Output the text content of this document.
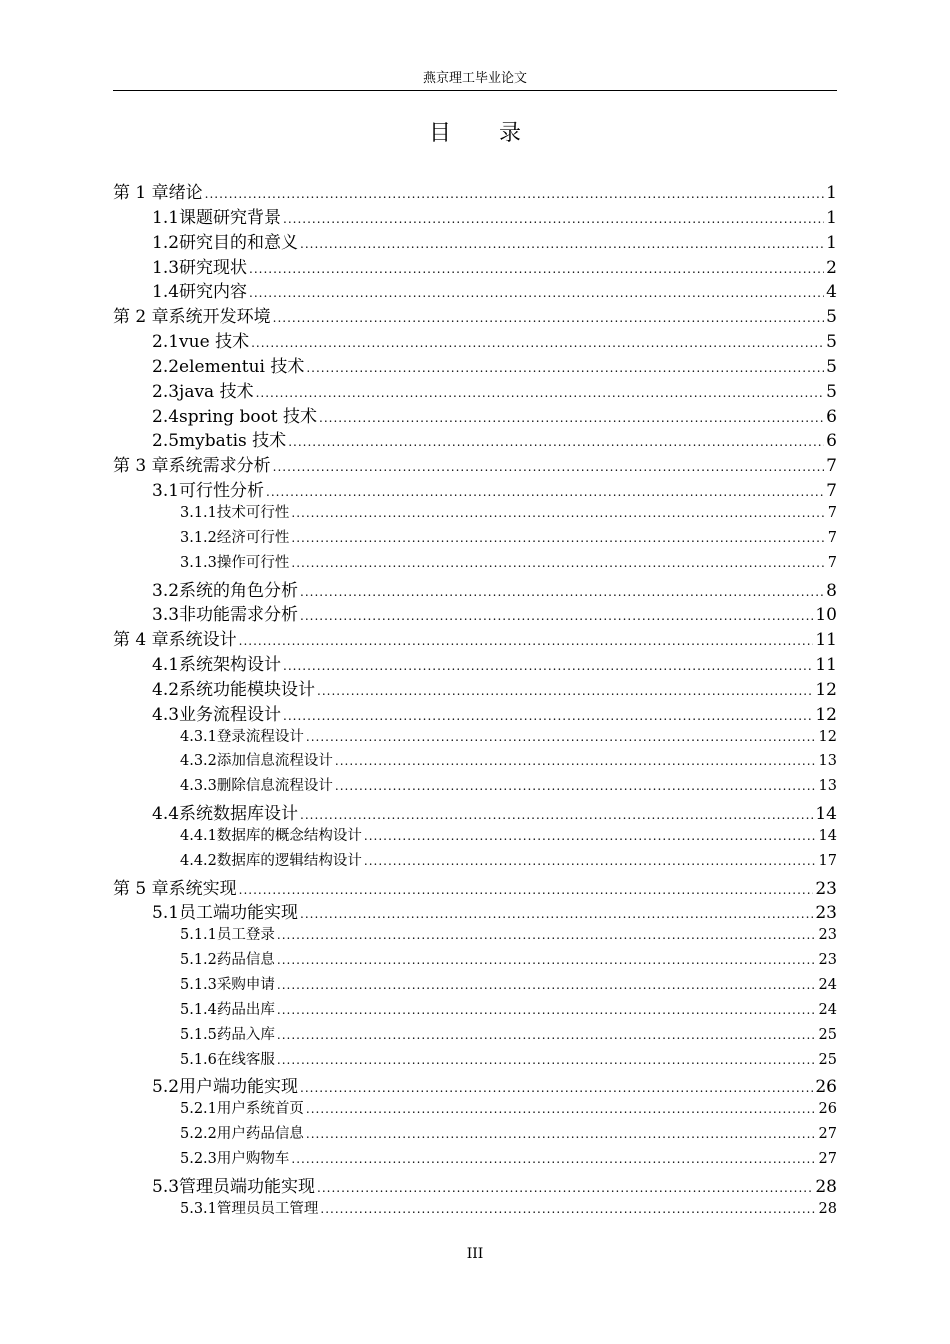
燕京理工毕业论文
目录
第 1 章 绪论 .....	1
1.1 课题研究背景 .....	1
1.2 研究目的和意义 .....	1
1.3 研究现状 .....	2
1.4 研究内容 .....	4
第 2 章 系统开发环境 .....	5
2.1 vue 技术 .....	5
2.2 elementui 技术 .....	5
2.3 java 技术 .....	5
2.4 spring boot 技术 .....	6
2.5 mybatis 技术 .....	6
第 3 章 系统需求分析 .....	7
3.1 可行性分析 .....	7
3.1.1 技术可行性 .....	7
3.1.2 经济可行性 .....	7
3.1.3 操作可行性 .....	7
3.2 系统的角色分析 .....	8
3.3 非功能需求分析 .....	10
第 4 章 系统设计 .....	11
4.1 系统架构设计 .....	11
4.2 系统功能模块设计 .....	12
4.3 业务流程设计 .....	12
4.3.1 登录流程设计 .....	12
4.3.2 添加信息流程设计 .....	13
4.3.3 删除信息流程设计 .....	13
4.4 系统数据库设计 .....	14
4.4.1 数据库的概念结构设计 .....	14
4.4.2 数据库的逻辑结构设计 .....	17
第 5 章 系统实现 .....	23
5.1 员工端功能实现 .....	23
5.1.1 员工登录 .....	23
5.1.2 药品信息 .....	23
5.1.3 采购申请 .....	24
5.1.4 药品出库 .....	24
5.1.5 药品入库 .....	25
5.1.6 在线客服 .....	25
5.2 用户端功能实现 .....	26
5.2.1 用户系统首页 .....	26
5.2.2 用户药品信息 .....	27
5.2.3 用户购物车 .....	27
5.3 管理员端功能实现 .....	28
5.3.1 管理员员工管理 .....	28
III
